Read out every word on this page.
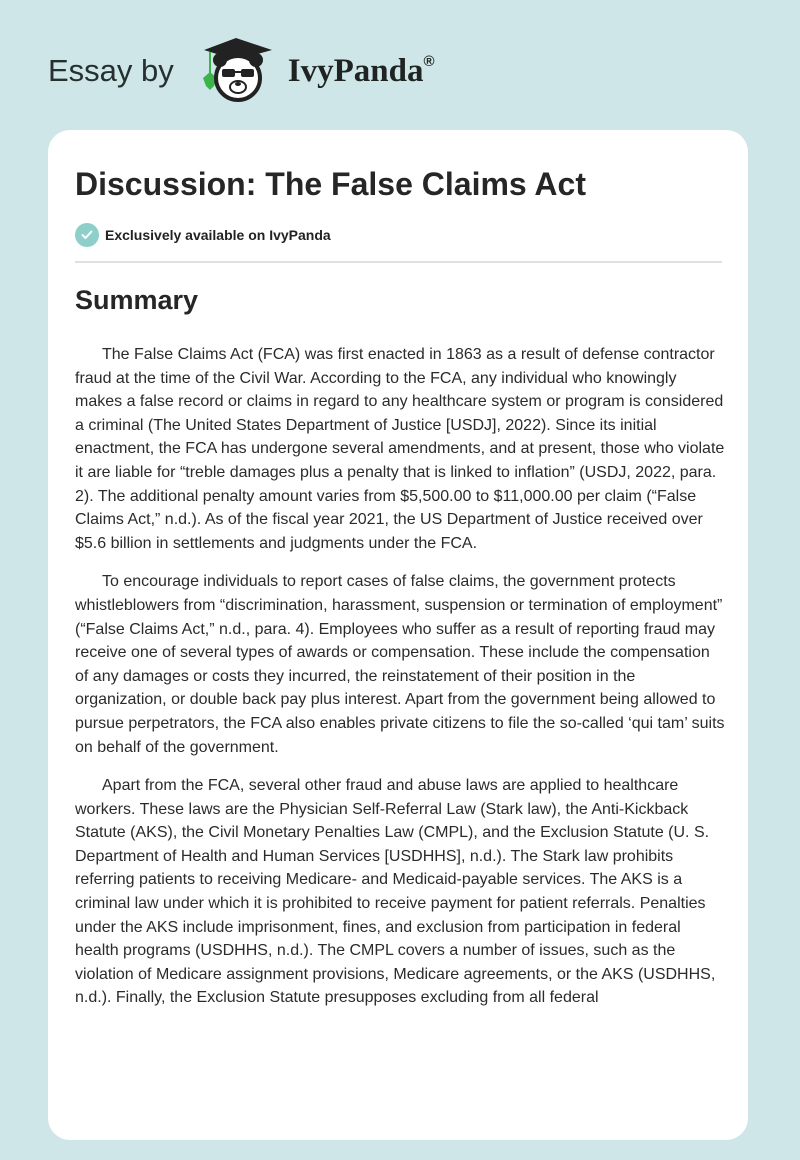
Essay by	IvyPanda®
Discussion: The False Claims Act
Exclusively available on IvyPanda
Summary

The False Claims Act (FCA) was first enacted in 1863 as a result of defense contractor fraud at the time of the Civil War. According to the FCA, any individual who knowingly makes a false record or claims in regard to any healthcare system or program is considered a criminal (The United States Department of Justice [USDJ], 2022). Since its initial enactment, the FCA has undergone several amendments, and at present, those who violate it are liable for “treble damages plus a penalty that is linked to inflation” (USDJ, 2022, para. 2). The additional penalty amount varies from $5,500.00 to $11,000.00 per claim (“False Claims Act,” n.d.). As of the fiscal year 2021, the US Department of Justice received over $5.6 billion in settlements and judgments under the FCA.

To encourage individuals to report cases of false claims, the government protects whistleblowers from “discrimination, harassment, suspension or termination of employment” (“False Claims Act,” n.d., para. 4). Employees who suffer as a result of reporting fraud may receive one of several types of awards or compensation. These include the compensation of any damages or costs they incurred, the reinstatement of their position in the organization, or double back pay plus interest. Apart from the government being allowed to pursue perpetrators, the FCA also enables private citizens to file the so-called ‘qui tam’ suits on behalf of the government.

Apart from the FCA, several other fraud and abuse laws are applied to healthcare workers. These laws are the Physician Self-Referral Law (Stark law), the Anti-Kickback Statute (AKS), the Civil Monetary Penalties Law (CMPL), and the Exclusion Statute (U. S. Department of Health and Human Services [USDHHS], n.d.). The Stark law prohibits referring patients to receiving Medicare- and Medicaid-payable services. The AKS is a criminal law under which it is prohibited to receive payment for patient referrals. Penalties under the AKS include imprisonment, fines, and exclusion from participation in federal health programs (USDHHS, n.d.). The CMPL covers a number of issues, such as the violation of Medicare assignment provisions, Medicare agreements, or the AKS (USDHHS, n.d.). Finally, the Exclusion Statute presupposes excluding from all federal
